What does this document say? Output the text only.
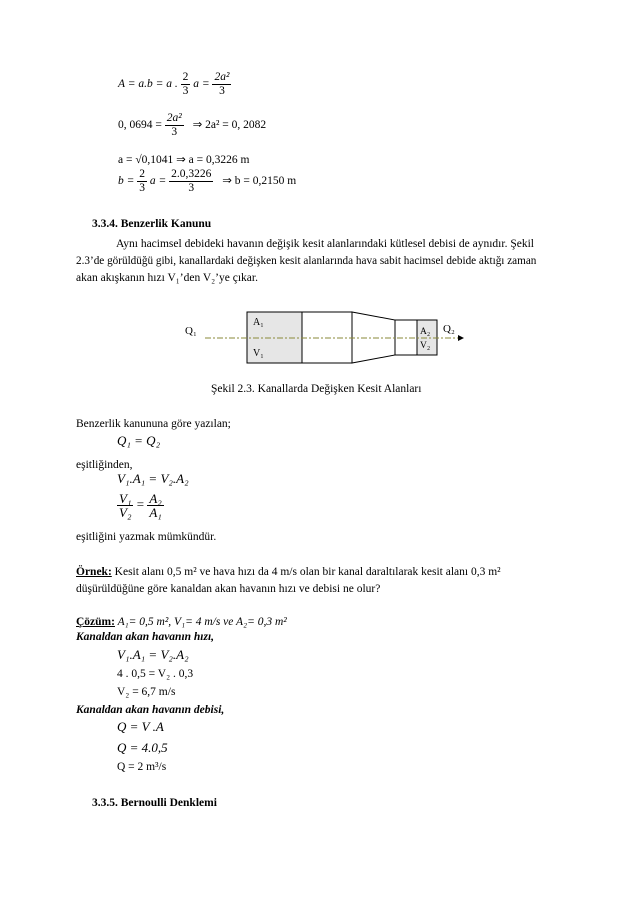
A = a.b = a . $\frac{2}{3}$ $a = \frac{\text{2a²}}{3}$
0, $0694 = \frac{\text{2a²}}{3}$ ⇒ 2a² = 0, 2082
a = √0,1041 ⇒ a = 0,3226 m
$b = \frac{2}{3}$ $a = \frac{2.0,3226}{3}$ ⇒ b = 0,2150 m
3.3.4. Benzerlik Kanunu
Aynı hacimsel debideki havanın değişik kesit alanlarındaki kütlesel debisi de aynıdır. Şekil
2.3’de görüldüğü gibi, kanallardaki değişken kesit alanlarında hava sabit hacimsel debide aktığı zaman
akan akışkanın hızı V₁’den V₂’ye çıkar.
Q₁	Q₂
A₁
V₁
A₂
V₂
Şekil 2.3. Kanallarda Değişken Kesit Alanları
Benzerlik kanununa göre yazılan;
Q₁ = Q₂
eşitliğinden,
V₁.A₁ = V₂.A₂
$\frac{\text{V₁}}{\text{V₂}} = \frac{\text{A₂}}{\text{A₁}}$
eşitliğini yazmak mümkündür.
Örnek: Kesit alanı 0,5 m² ve hava hızı da 4 m/s olan bir kanal daraltılarak kesit alanı 0,3 m²
düşürüldüğüne göre kanaldan akan havanın hızı ve debisi ne olur?
Çözüm: A₁= 0,5 m², V₁= 4 m/s ve A₂= 0,3 m²
Kanaldan akan havanın hızı,
V₁.A₁ = V₂.A₂
4 . 0,5 = V₂ . 0,3
V₂ = 6,7 m/s
Kanaldan akan havanın debisi,
Q = V .A
Q = 4.0,5
Q = 2 m³/s
3.3.5. Bernoulli Denklemi
